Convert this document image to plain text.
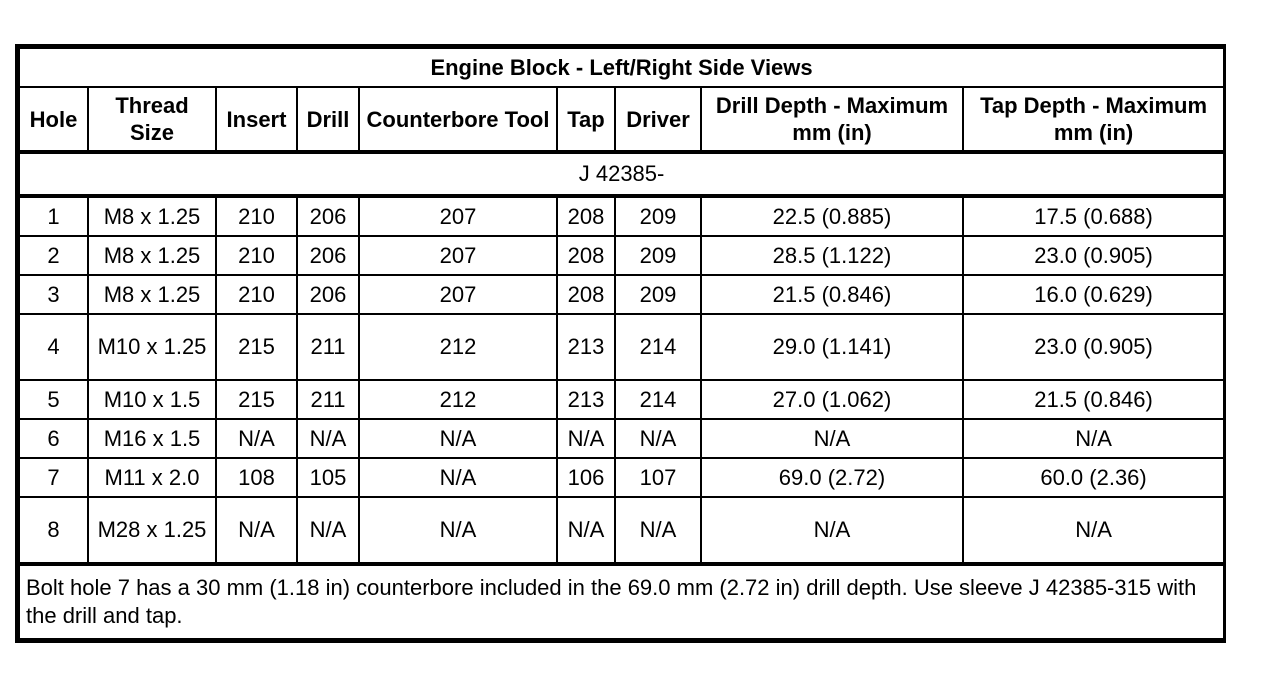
Engine Block - Left/Right Side Views								
Hole	Thread Size	Insert	Drill	Counterbore Tool	Tap	Driver	Drill Depth - Maximum mm (in)	Tap Depth - Maximum mm (in)
J 42385-								
1	M8 x 1.25	210	206	207	208	209	22.5 (0.885)	17.5 (0.688)
2	M8 x 1.25	210	206	207	208	209	28.5 (1.122)	23.0 (0.905)
3	M8 x 1.25	210	206	207	208	209	21.5 (0.846)	16.0 (0.629)
4	M10 x 1.25	215	211	212	213	214	29.0 (1.141)	23.0 (0.905)
5	M10 x 1.5	215	211	212	213	214	27.0 (1.062)	21.5 (0.846)
6	M16 x 1.5	N/A	N/A	N/A	N/A	N/A	N/A	N/A
7	M11 x 2.0	108	105	N/A	106	107	69.0 (2.72)	60.0 (2.36)
8	M28 x 1.25	N/A	N/A	N/A	N/A	N/A	N/A	N/A
Bolt hole 7 has a 30 mm (1.18 in) counterbore included in the 69.0 mm (2.72 in) drill depth. Use sleeve J 42385-315 with the drill and tap.								
